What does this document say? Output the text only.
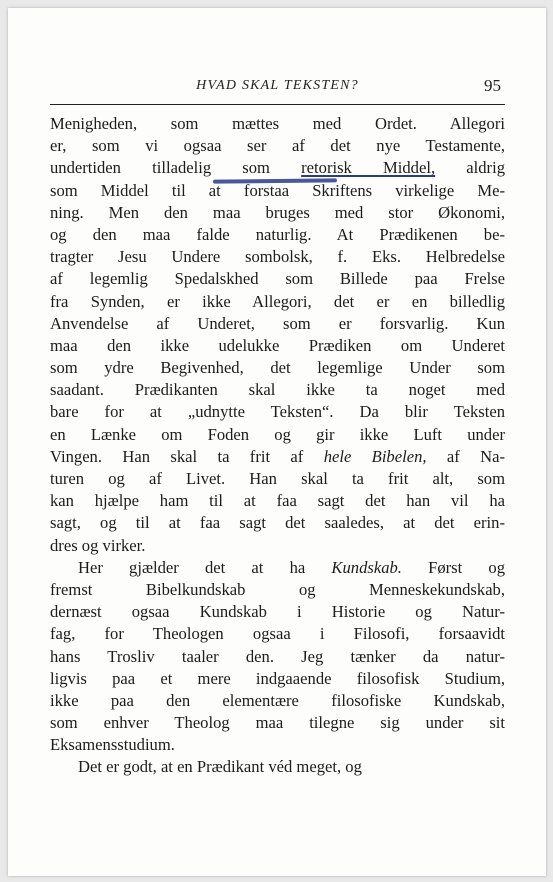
HVAD SKAL TEKSTEN?	95
Menigheden, som mættes med Ordet. Allegori
er, som vi ogsaa ser af det nye Testamente,
undertiden tilladelig som retorisk Middel, aldrig
som Middel til at forstaa Skriftens virkelige Me-
ning. Men den maa bruges med stor Økonomi,
og den maa falde naturlig. At Prædikenen be-
tragter Jesu Undere sombolsk, f. Eks. Helbredelse
af legemlig Spedalskhed som Billede paa Frelse
fra Synden, er ikke Allegori, det er en billedlig
Anvendelse af Underet, som er forsvarlig. Kun
maa den ikke udelukke Prædiken om Underet
som ydre Begivenhed, det legemlige Under som
saadant. Prædikanten skal ikke ta noget med
bare for at „udnytte Teksten“. Da blir Teksten
en Lænke om Foden og gir ikke Luft under
Vingen. Han skal ta frit af hele Bibelen, af Na-
turen og af Livet. Han skal ta frit alt, som
kan hjælpe ham til at faa sagt det han vil ha
sagt, og til at faa sagt det saaledes, at det erin-
dres og virker.
Her gjælder det at ha Kundskab. Først og
fremst Bibelkundskab og Menneskekundskab,
dernæst ogsaa Kundskab i Historie og Natur-
fag, for Theologen ogsaa i Filosofi, forsaavidt
hans Trosliv taaler den. Jeg tænker da natur-
ligvis paa et mere indgaaende filosofisk Studium,
ikke paa den elementære filosofiske Kundskab,
som enhver Theolog maa tilegne sig under sit
Eksamensstudium.
Det er godt, at en Prædikant véd meget, og
